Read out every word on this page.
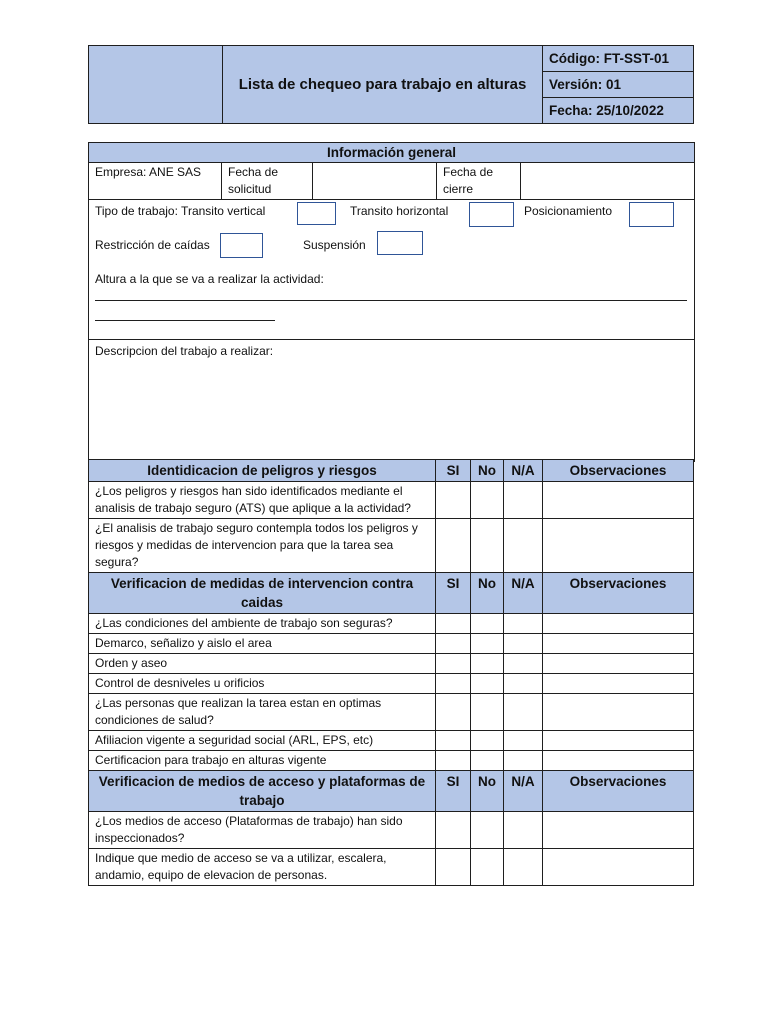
	Lista de chequeo para trabajo en alturas	Código: FT-SST-01
Versión: 01
Fecha: 25/10/2022
Información general
Empresa: ANE SAS	Fecha de solicitud		Fecha de cierre	

Tipo de trabajo: Transito vertical	Transito horizontal	Posicionamiento
Restricción de caídas	Suspensión
Altura a la que se va a realizar la actividad:

Descripcion del trabajo a realizar:
Identidicacion de peligros y riesgos	SI	No	N/A	Observaciones
¿Los peligros y riesgos han sido identificados mediante el analisis de trabajo seguro (ATS) que aplique a la actividad?				
¿El analisis de trabajo seguro contempla todos los peligros y riesgos y medidas de intervencion para que la tarea sea segura?				
Verificacion de medidas de intervencion contra caidas	SI	No	N/A	Observaciones
¿Las condiciones del ambiente de trabajo son seguras?				
Demarco, señalizo y aislo el area				
Orden y aseo				
Control de desniveles u orificios				
¿Las personas que realizan la tarea estan en optimas condiciones de salud?				
Afiliacion vigente a seguridad social (ARL, EPS, etc)				
Certificacion para trabajo en alturas vigente				
Verificacion de medios de acceso y plataformas de trabajo	SI	No	N/A	Observaciones
¿Los medios de acceso (Plataformas de trabajo) han sido inspeccionados?				
Indique que medio de acceso se va a utilizar, escalera, andamio, equipo de elevacion de personas.				
